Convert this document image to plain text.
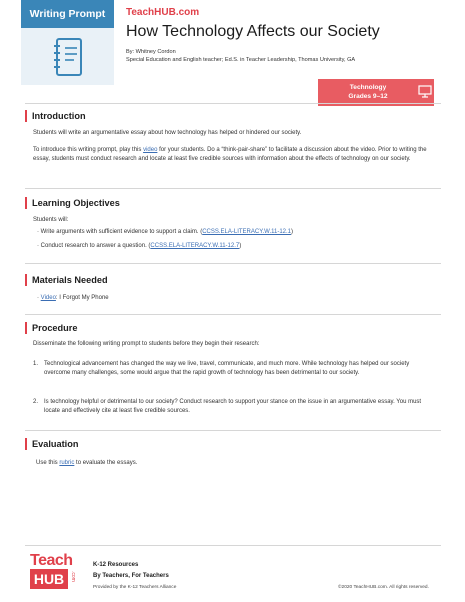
Writing Prompt	TeachHUB.com
How Technology Affects our Society
By: Whitney Cordon
Special Education and English teacher; Ed.S. in Teacher Leadership, Thomas University, GA
Technology
Grades 9–12
Introduction
Students will write an argumentative essay about how technology has helped or hindered our society.
To introduce this writing prompt, play this video for your students. Do a “think-pair-share” to facilitate a discussion about the video. Prior to writing the essay, students must conduct research and locate at least five credible sources with information about the effects of technology on our society.
Learning Objectives
Students will:
· Write arguments with sufficient evidence to support a claim. (CCSS.ELA-LITERACY.W.11-12.1)
· Conduct research to answer a question. (CCSS.ELA-LITERACY.W.11-12.7)
Materials Needed
· Video: I Forgot My Phone
Procedure
Disseminate the following writing prompt to students before they begin their research:
1. Technological advancement has changed the way we live, travel, communicate, and much more. While technology has helped our society overcome many challenges, some would argue that the rapid growth of technology has been detrimental to our society.
2. Is technology helpful or detrimental to our society? Conduct research to support your stance on the issue in an argumentative essay. You must locate and effectively cite at least five credible sources.
Evaluation
Use this rubric to evaluate the essays.
Teach
HUB	.com
K-12 Resources
By Teachers, For Teachers
Provided by the K-12 Teachers Alliance	©2020 TeachHUB.com. All rights reserved.
